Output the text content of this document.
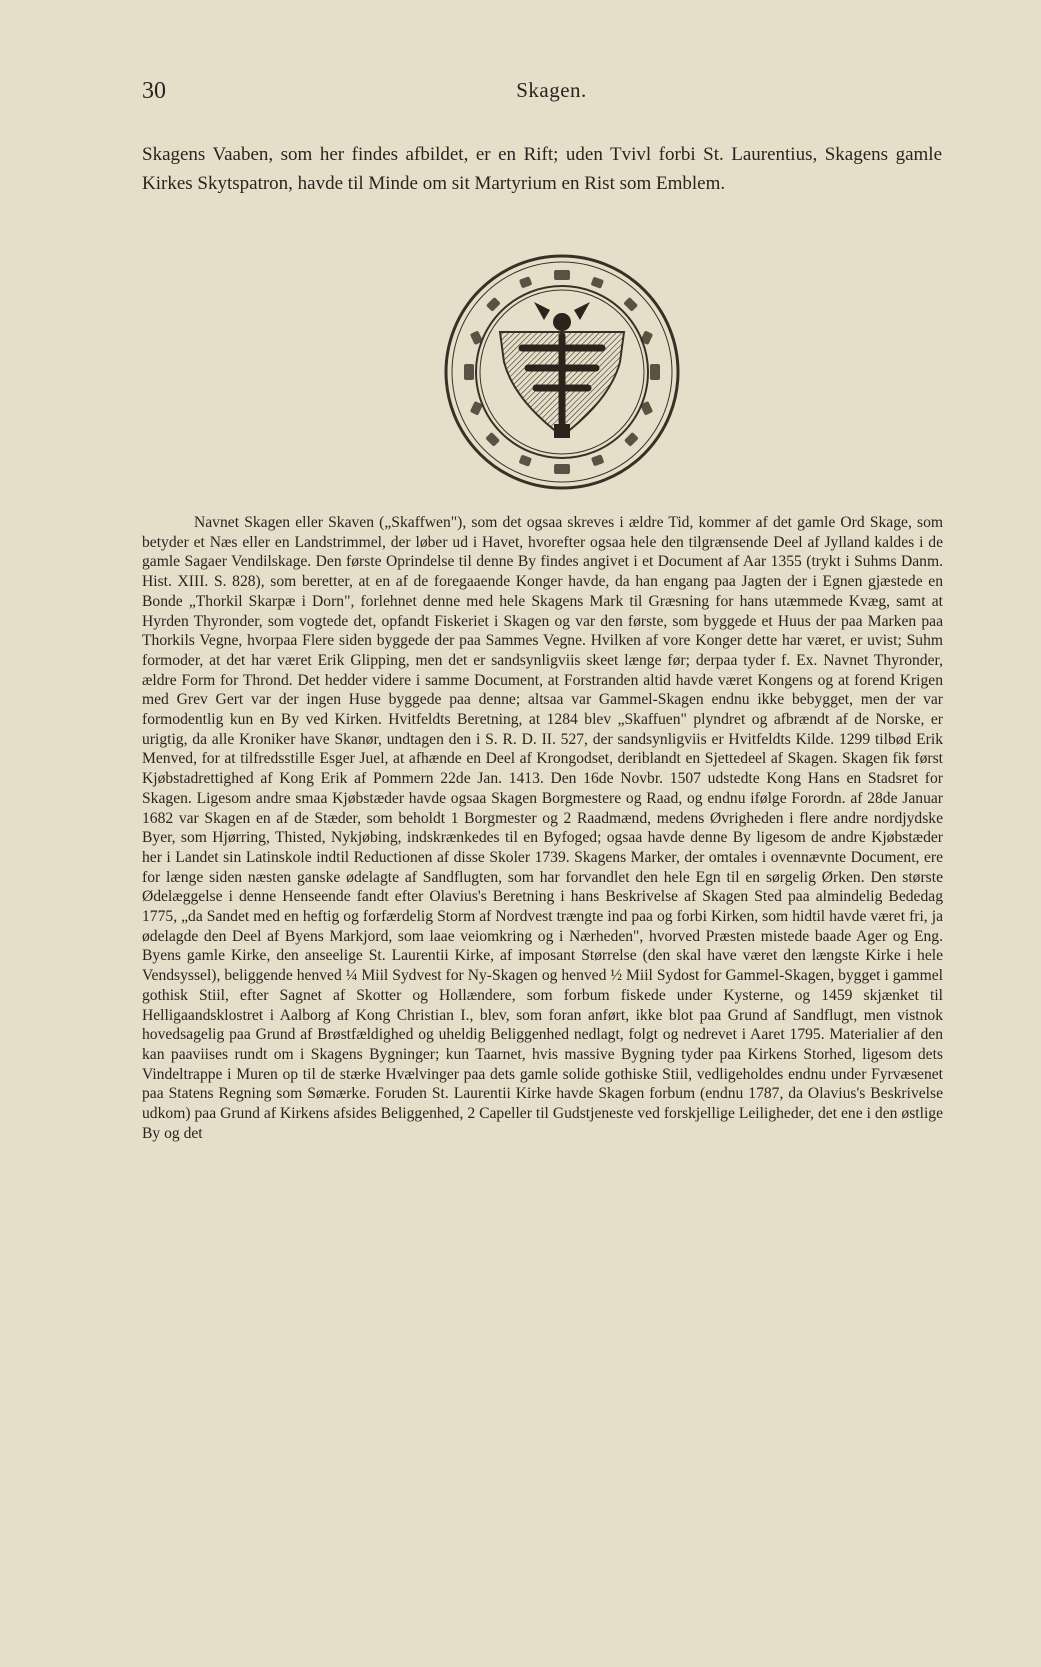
30	Skagen.

Skagens Vaaben, som her findes afbildet, er en Rift; uden Tvivl forbi St. Laurentius, Skagens gamle Kirkes Skytspatron, havde til Minde om sit Martyrium en Rist som Emblem.

Navnet Skagen eller Skaven („Skaffwen"), som det ogsaa skreves i ældre Tid, kommer af det gamle Ord Skage, som betyder et Næs eller en Landstrimmel, der løber ud i Havet, hvorefter ogsaa hele den tilgrænsende Deel af Jylland kaldes i de gamle Sagaer Vendilskage. Den første Oprindelse til denne By findes angivet i et Document af Aar 1355 (trykt i Suhms Danm. Hist. XIII. S. 828), som beretter, at en af de foregaaende Konger havde, da han engang paa Jagten der i Egnen gjæstede en Bonde „Thorkil Skarpæ i Dorn", forlehnet denne med hele Skagens Mark til Græsning for hans utæmmede Kvæg, samt at Hyrden Thyronder, som vogtede det, opfandt Fiskeriet i Skagen og var den første, som byggede et Huus der paa Marken paa Thorkils Vegne, hvorpaa Flere siden byggede der paa Sammes Vegne. Hvilken af vore Konger dette har været, er uvist; Suhm formoder, at det har været Erik Glipping, men det er sandsynligviis skeet længe før; derpaa tyder f. Ex. Navnet Thyronder, ældre Form for Thrond. Det hedder videre i samme Document, at Forstranden altid havde været Kongens og at forend Krigen med Grev Gert var der ingen Huse byggede paa denne; altsaa var Gammel-Skagen endnu ikke bebygget, men der var formodentlig kun en By ved Kirken. Hvitfeldts Beretning, at 1284 blev „Skaffuen" plyndret og afbrændt af de Norske, er urigtig, da alle Kroniker have Skanør, undtagen den i S. R. D. II. 527, der sandsynligviis er Hvitfeldts Kilde. 1299 tilbød Erik Menved, for at tilfredsstille Esger Juel, at afhænde en Deel af Krongodset, deriblandt en Sjettedeel af Skagen. Skagen fik først Kjøbstadrettighed af Kong Erik af Pommern 22de Jan. 1413. Den 16de Novbr. 1507 udstedte Kong Hans en Stadsret for Skagen. Ligesom andre smaa Kjøbstæder havde ogsaa Skagen Borgmestere og Raad, og endnu ifølge Forordn. af 28de Januar 1682 var Skagen en af de Stæder, som beholdt 1 Borgmester og 2 Raadmænd, medens Øvrigheden i flere andre nordjydske Byer, som Hjørring, Thisted, Nykjøbing, indskrænkedes til en Byfoged; ogsaa havde denne By ligesom de andre Kjøbstæder her i Landet sin Latinskole indtil Reductionen af disse Skoler 1739. Skagens Marker, der omtales i ovennævnte Document, ere for længe siden næsten ganske ødelagte af Sandflugten, som har forvandlet den hele Egn til en sørgelig Ørken. Den største Ødelæggelse i denne Henseende fandt efter Olavius's Beretning i hans Beskrivelse af Skagen Sted paa almindelig Bededag 1775, „da Sandet med en heftig og forfærdelig Storm af Nordvest trængte ind paa og forbi Kirken, som hidtil havde været fri, ja ødelagde den Deel af Byens Markjord, som laae veiomkring og i Nærheden", hvorved Præsten mistede baade Ager og Eng. Byens gamle Kirke, den anseelige St. Laurentii Kirke, af imposant Størrelse (den skal have været den længste Kirke i hele Vendsyssel), beliggende henved ¼ Miil Sydvest for Ny-Skagen og henved ½ Miil Sydost for Gammel-Skagen, bygget i gammel gothisk Stiil, efter Sagnet af Skotter og Hollændere, som forbum fiskede under Kysterne, og 1459 skjænket til Helligaandsklostret i Aalborg af Kong Christian I., blev, som foran anført, ikke blot paa Grund af Sandflugt, men vistnok hovedsagelig paa Grund af Brøstfældighed og uheldig Beliggenhed nedlagt, folgt og nedrevet i Aaret 1795. Materialier af den kan paaviises rundt om i Skagens Bygninger; kun Taarnet, hvis massive Bygning tyder paa Kirkens Storhed, ligesom dets Vindeltrappe i Muren op til de stærke Hvælvinger paa dets gamle solide gothiske Stiil, vedligeholdes endnu under Fyrvæsenet paa Statens Regning som Sømærke. Foruden St. Laurentii Kirke havde Skagen forbum (endnu 1787, da Olavius's Beskrivelse udkom) paa Grund af Kirkens afsides Beliggenhed, 2 Capeller til Gudstjeneste ved forskjellige Leiligheder, det ene i den østlige By og det
